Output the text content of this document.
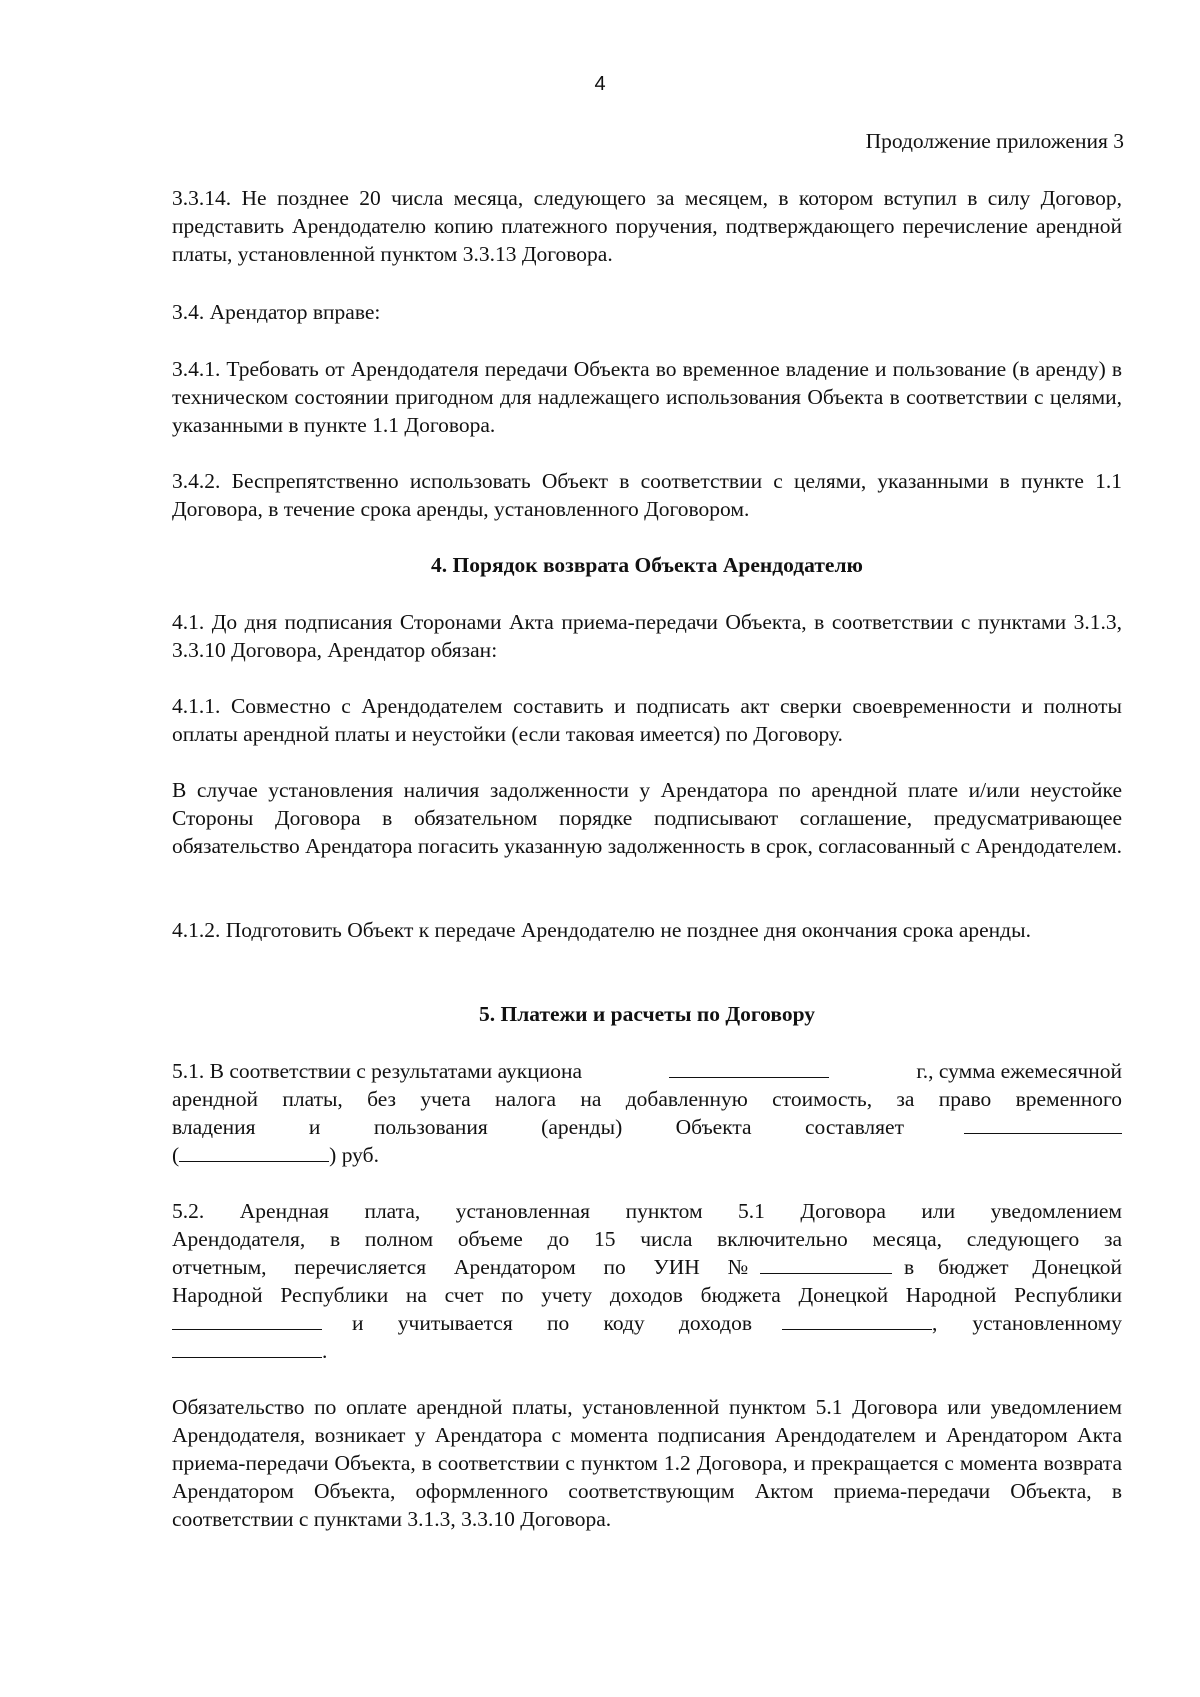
4
Продолжение приложения 3

3.3.14. Не позднее 20 числа месяца, следующего за месяцем, в котором вступил в силу Договор, представить Арендодателю копию платежного поручения, подтверждающего перечисление арендной платы, установленной пунктом 3.3.13 Договора.

3.4. Арендатор вправе:

3.4.1. Требовать от Арендодателя передачи Объекта во временное владение и пользование (в аренду) в техническом состоянии пригодном для надлежащего использования Объекта в соответствии с целями, указанными в пункте 1.1 Договора.

3.4.2. Беспрепятственно использовать Объект в соответствии с целями, указанными в пункте 1.1 Договора, в течение срока аренды, установленного Договором.

4. Порядок возврата Объекта Арендодателю

4.1. До дня подписания Сторонами Акта приема-передачи Объекта, в соответствии с пунктами 3.1.3, 3.3.10 Договора, Арендатор обязан:

4.1.1. Совместно с Арендодателем составить и подписать акт сверки своевременности и полноты оплаты арендной платы и неустойки (если таковая имеется) по Договору.

В случае установления наличия задолженности у Арендатора по арендной плате и/или неустойке Стороны Договора в обязательном порядке подписывают соглашение, предусматривающее обязательство Арендатора погасить указанную задолженность в срок, согласованный с Арендодателем.

4.1.2. Подготовить Объект к передаче Арендодателю не позднее дня окончания срока аренды.

5. Платежи и расчеты по Договору

5.1. В соответствии с результатами аукциона	г., сумма ежемесячной
арендной платы, без учета налога на добавленную стоимость, за право временного
владения и пользования (аренды) Объекта составляет
(	) руб.
5.2. Арендная плата, установленная пунктом 5.1 Договора или уведомлением
Арендодателя, в полном объеме до 15 числа включительно месяца, следующего за
отчетным, перечисляется Арендатором по УИН №	в бюджет Донецкой
Народной Республики на счет по учету доходов бюджета Донецкой Народной Республики
и учитывается по коду доходов	, установленному
.

Обязательство по оплате арендной платы, установленной пунктом 5.1 Договора или уведомлением Арендодателя, возникает у Арендатора с момента подписания Арендодателем и Арендатором Акта приема-передачи Объекта, в соответствии с пунктом 1.2 Договора, и прекращается с момента возврата Арендатором Объекта, оформленного соответствующим Актом приема-передачи Объекта, в соответствии с пунктами 3.1.3, 3.3.10 Договора.
